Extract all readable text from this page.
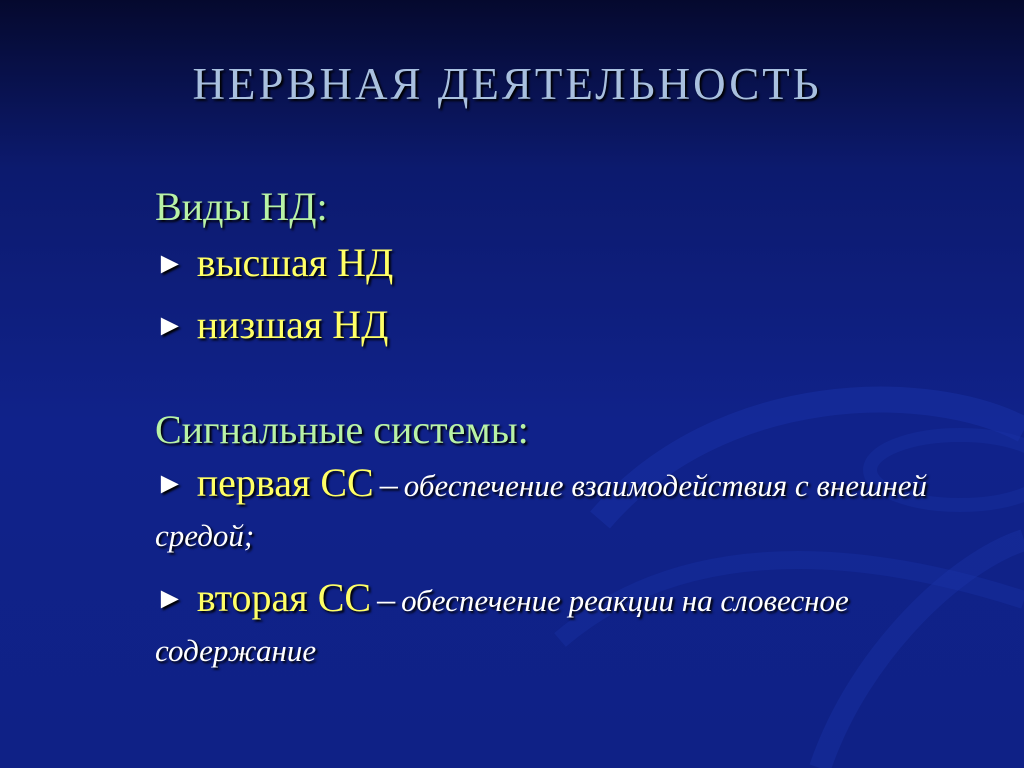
НЕРВНАЯ ДЕЯТЕЛЬНОСТЬ
Виды НД:
► высшая НД
► низшая НД
Сигнальные системы:
► первая СС – обеспечение взаимодействия с внешней средой;
► вторая СС – обеспечение реакции на словесное содержание
